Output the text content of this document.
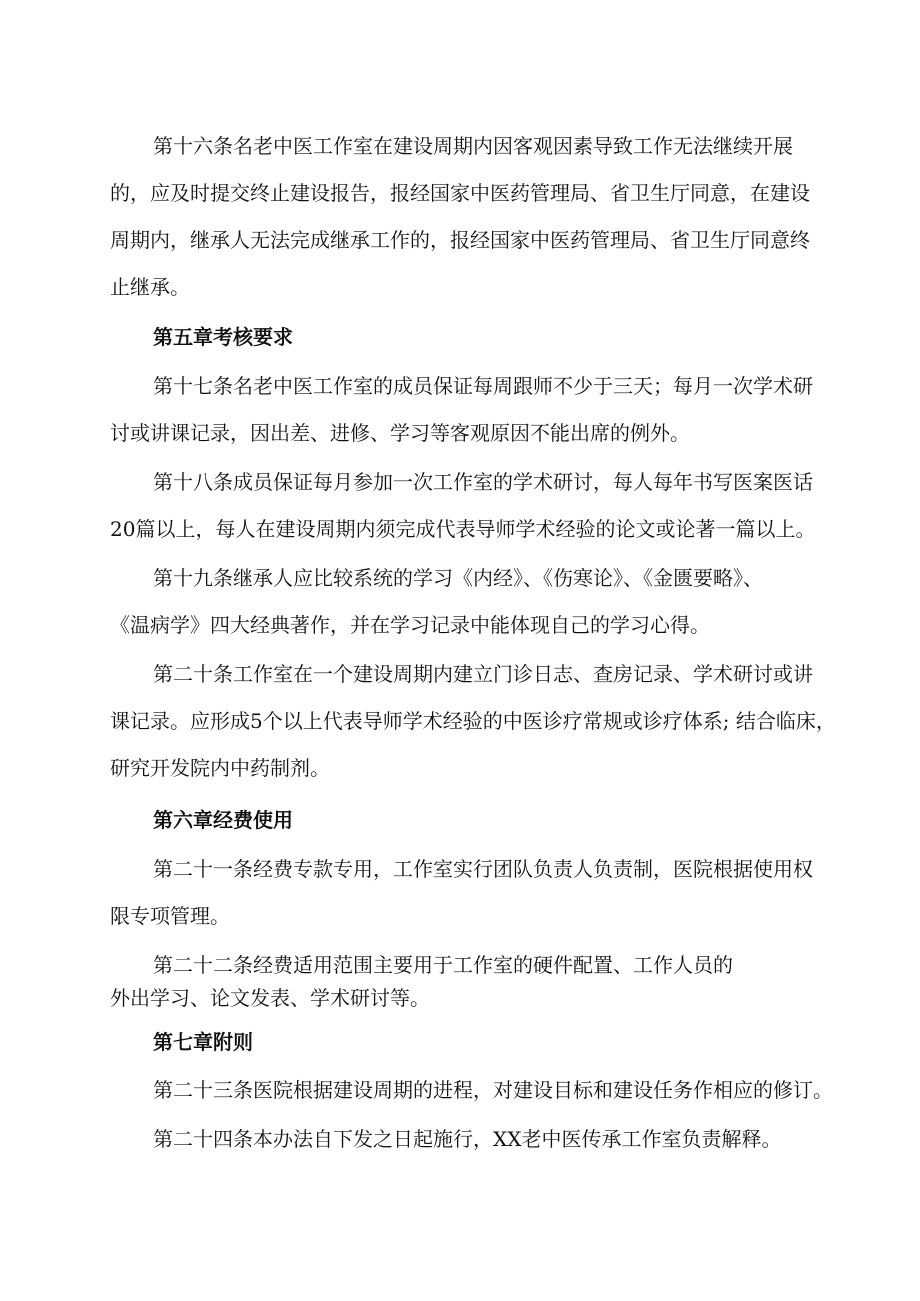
第十六条名老中医工作室在建设周期内因客观因素导致工作无法继续开展
的，应及时提交终止建设报告，报经国家中医药管理局、省卫生厅同意，在建设
周期内，继承人无法完成继承工作的，报经国家中医药管理局、省卫生厅同意终
止继承。
第五章考核要求
第十七条名老中医工作室的成员保证每周跟师不少于三天；每月一次学术研
讨或讲课记录，因出差、进修、学习等客观原因不能出席的例外。
第十八条成员保证每月参加一次工作室的学术研讨，每人每年书写医案医话
20篇以上，每人在建设周期内须完成代表导师学术经验的论文或论著一篇以上。
第十九条继承人应比较系统的学习《内经》、《伤寒论》、《金匮要略》、
《温病学》四大经典著作，并在学习记录中能体现自己的学习心得。
第二十条工作室在一个建设周期内建立门诊日志、查房记录、学术研讨或讲
课记录。应形成5个以上代表导师学术经验的中医诊疗常规或诊疗体系; 结合临床，
研究开发院内中药制剂。
第六章经费使用
第二十一条经费专款专用，工作室实行团队负责人负责制，医院根据使用权
限专项管理。
第二十二条经费适用范围主要用于工作室的硬件配置、工作人员的
外出学习、论文发表、学术研讨等。
第七章附则
第二十三条医院根据建设周期的进程，对建设目标和建设任务作相应的修订。
第二十四条本办法自下发之日起施行，XX老中医传承工作室负责解释。
